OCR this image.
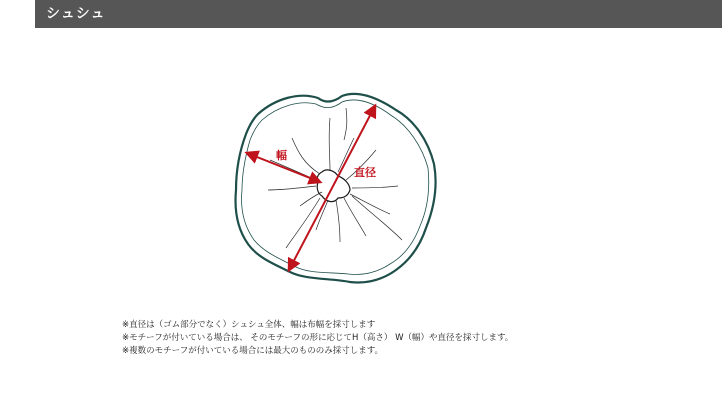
シュシュ
幅
直径
※直径は（ゴム部分でなく）シュシュ全体、幅は布幅を採寸します
※モチーフが付いている場合は、 そのモチーフの形に応じてH（高さ） W（幅）や直径を採寸します。
※複数のモチーフが付いている場合には最大のもののみ採寸します。
